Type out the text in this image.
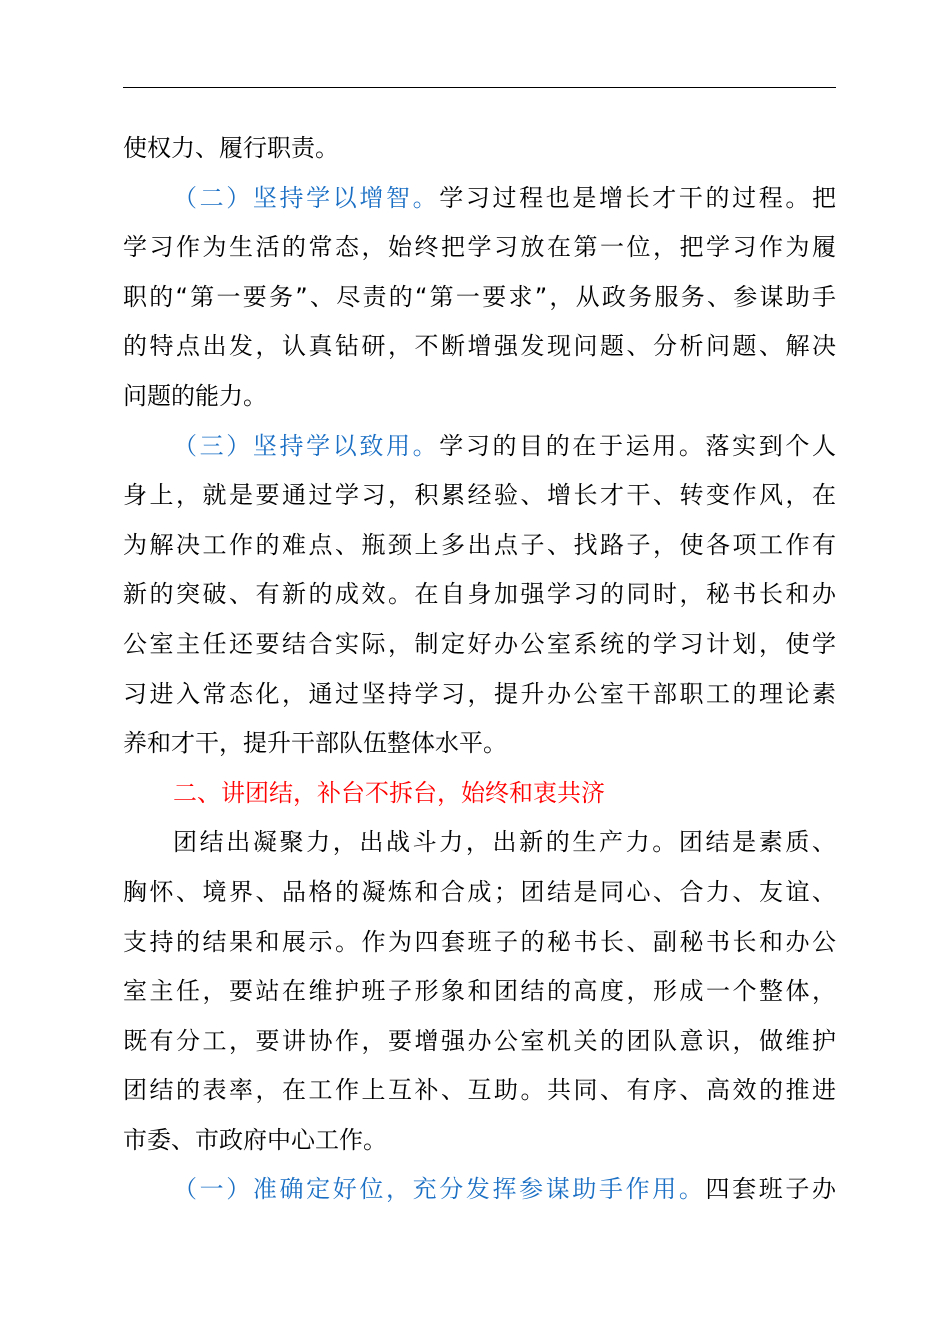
使权力、履行职责。
（二）坚持学以增智。学习过程也是增长才干的过程。把
学习作为生活的常态，始终把学习放在第一位，把学习作为履
职的“第一要务”、尽责的“第一要求”，从政务服务、参谋助手
的特点出发，认真钻研，不断增强发现问题、分析问题、解决
问题的能力。
（三）坚持学以致用。学习的目的在于运用。落实到个人
身上，就是要通过学习，积累经验、增长才干、转变作风，在
为解决工作的难点、瓶颈上多出点子、找路子，使各项工作有
新的突破、有新的成效。在自身加强学习的同时，秘书长和办
公室主任还要结合实际，制定好办公室系统的学习计划，使学
习进入常态化，通过坚持学习，提升办公室干部职工的理论素
养和才干，提升干部队伍整体水平。
二、讲团结，补台不拆台，始终和衷共济
团结出凝聚力，出战斗力，出新的生产力。团结是素质、
胸怀、境界、品格的凝炼和合成；团结是同心、合力、友谊、
支持的结果和展示。作为四套班子的秘书长、副秘书长和办公
室主任，要站在维护班子形象和团结的高度，形成一个整体，
既有分工，要讲协作，要增强办公室机关的团队意识，做维护
团结的表率，在工作上互补、互助。共同、有序、高效的推进
市委、市政府中心工作。
（一）准确定好位，充分发挥参谋助手作用。四套班子办
